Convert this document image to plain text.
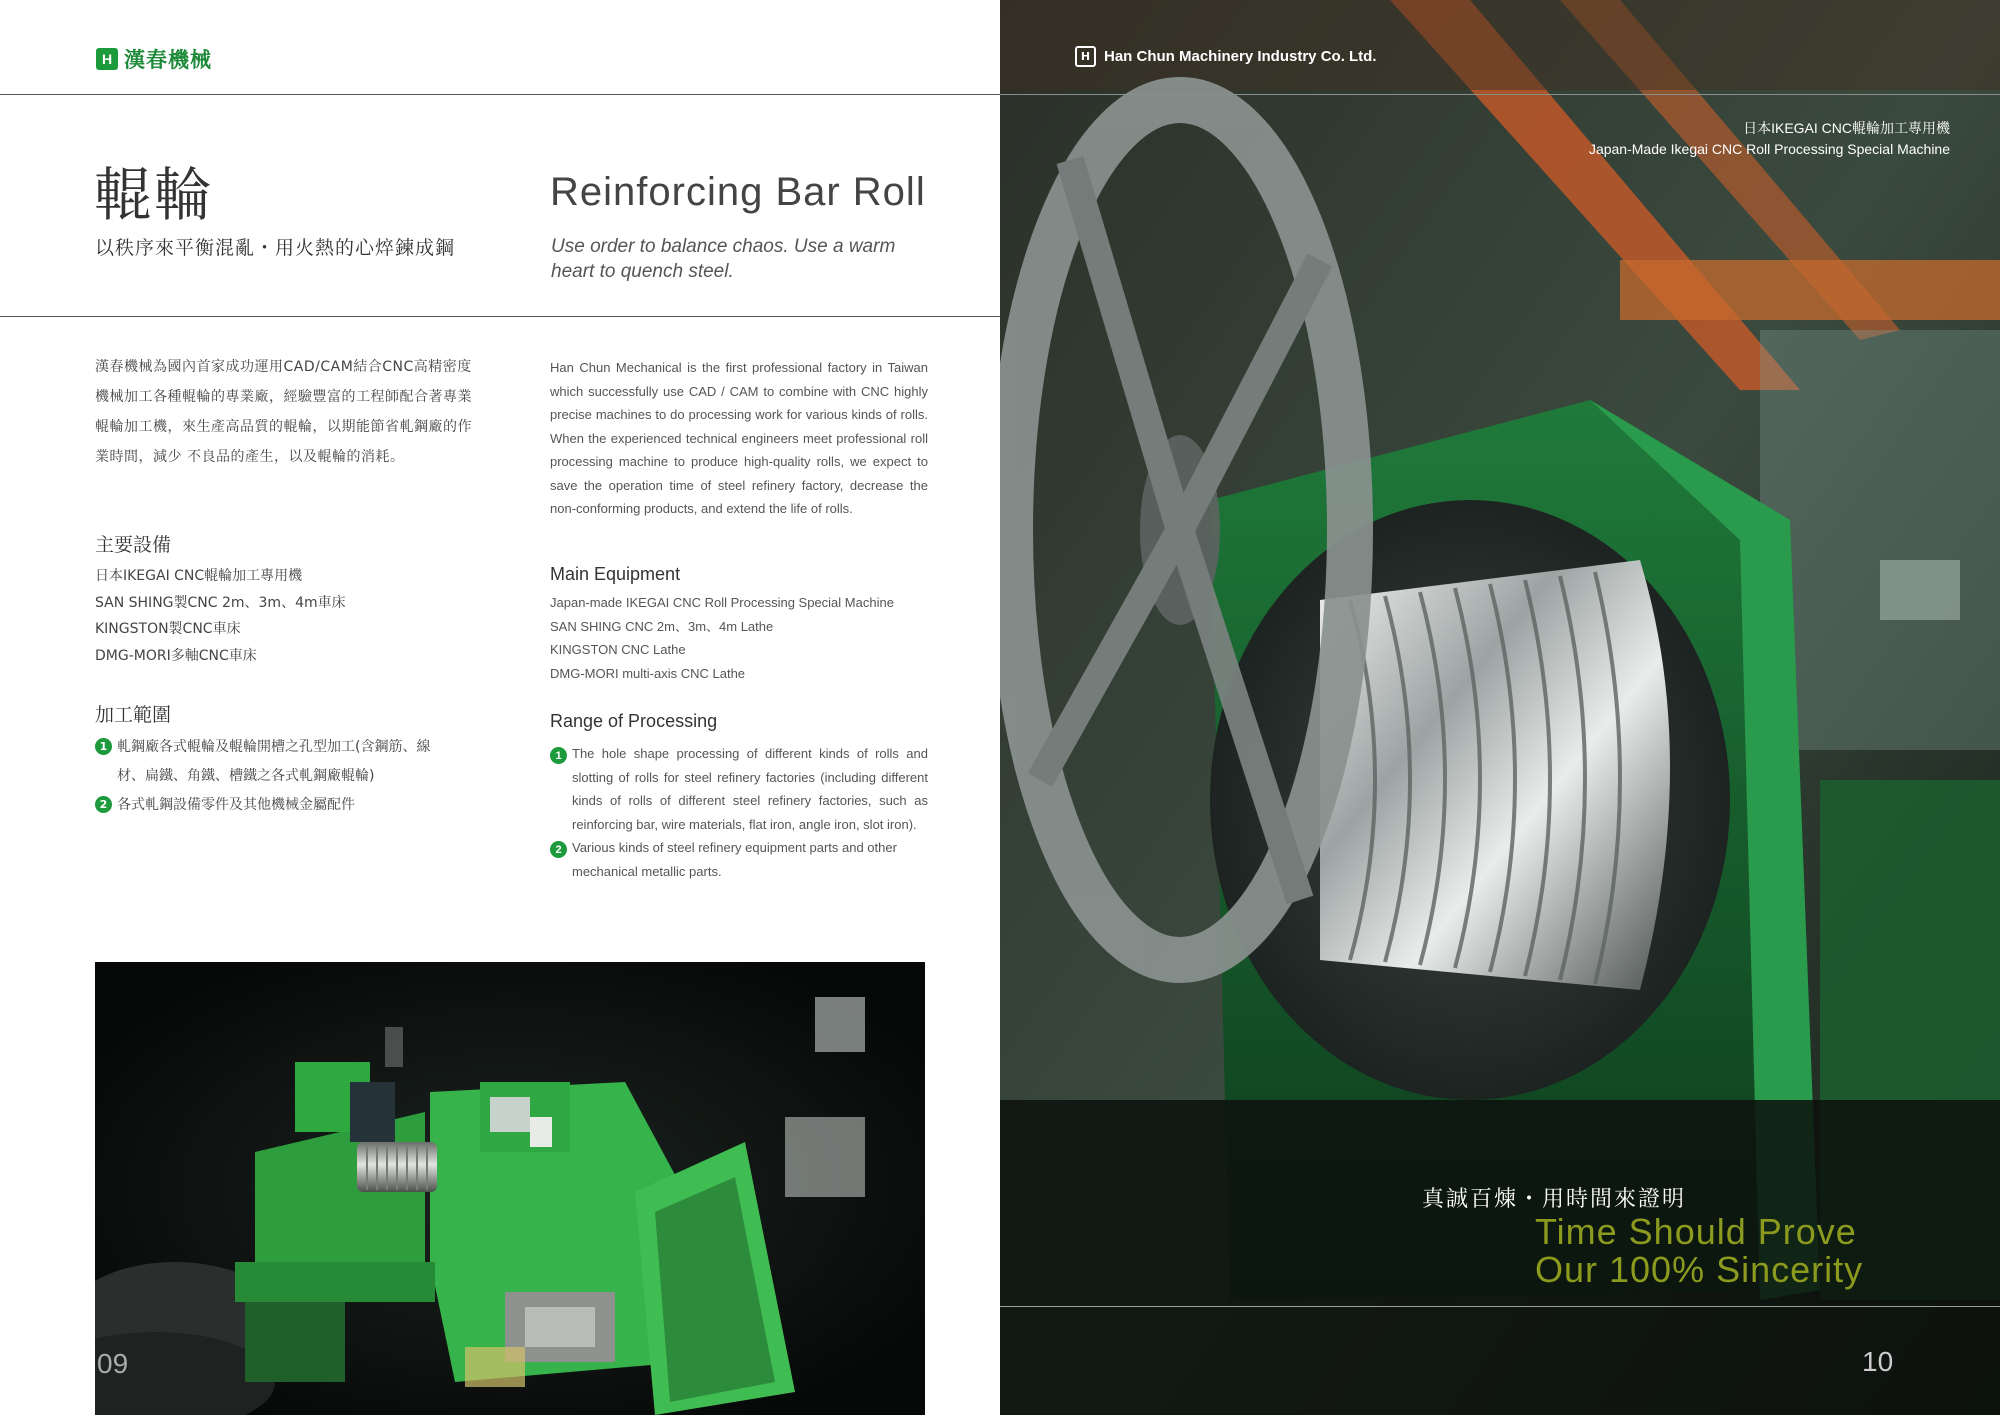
H 漢春機械
輥輪
以秩序來平衡混亂・用火熱的心焠鍊成鋼
Reinforcing Bar Roll
Use order to balance chaos. Use a warm heart to quench steel.

漢春機械為國內首家成功運用CAD/CAM結合CNC高精密度機械加工各種輥輪的專業廠，經驗豐富的工程師配合著專業輥輪加工機，來生產高品質的輥輪，以期能節省軋鋼廠的作業時間，減少 不良品的產生，以及輥輪的消耗。

主要設備

日本IKEGAI CNC輥輪加工專用機

SAN SHING製CNC 2m、3m、4m車床

KINGSTON製CNC車床

DMG-MORI多軸CNC車床

加工範圍

1 軋鋼廠各式輥輪及輥輪開槽之孔型加工(含鋼筋、線材、扁鐵、角鐵、槽鐵之各式軋鋼廠輥輪)

2 各式軋鋼設備零件及其他機械金屬配件

Han Chun Mechanical is the first professional factory in Taiwan which successfully use CAD / CAM to combine with CNC highly precise machines to do processing work for various kinds of rolls. When the experienced technical engineers meet professional roll processing machine to produce high-quality rolls, we expect to save the operation time of steel refinery factory, decrease the non-conforming products, and extend the life of rolls.

Main Equipment

Japan-made IKEGAI CNC Roll Processing Special Machine

SAN SHING CNC 2m、3m、4m Lathe

KINGSTON CNC Lathe

DMG-MORI multi-axis CNC Lathe

Range of Processing

1 The hole shape processing of different kinds of rolls and slotting of rolls for steel refinery factories (including different kinds of rolls of different steel refinery factories, such as reinforcing bar, wire materials, flat iron, angle iron, slot iron).

2 Various kinds of steel refinery equipment parts and other mechanical metallic parts.

09
H Han Chun Machinery Industry Co. Ltd.
日本IKEGAI CNC輥輪加工專用機
Japan-Made Ikegai CNC Roll Processing Special Machine
真誠百煉・用時間來證明
Time Should Prove
Our 100% Sincerity
10
